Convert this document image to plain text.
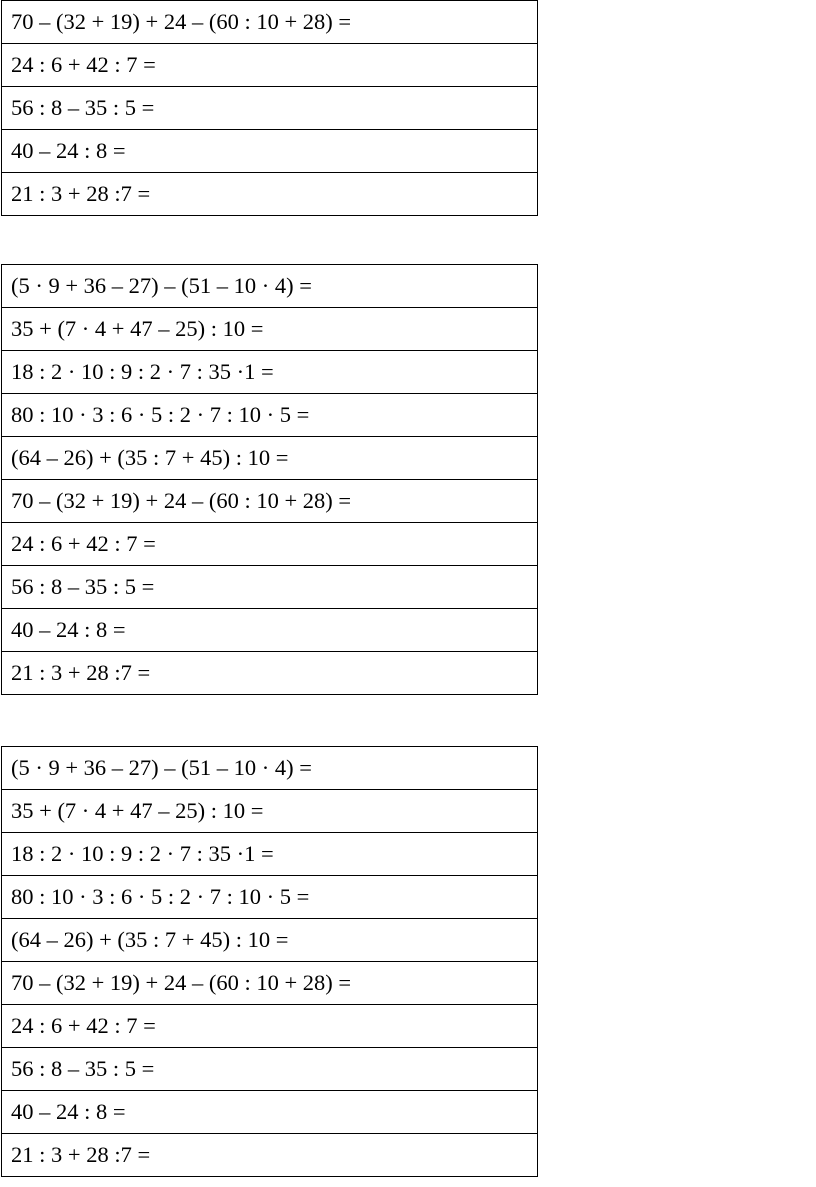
70 – (32 + 19) + 24 – (60 : 10 + 28) =
24 : 6 + 42 : 7 =
56 : 8 – 35 : 5 =
40 – 24 : 8 =
21 : 3 + 28 :7 =
(5 · 9 + 36 – 27) – (51 – 10 · 4) =
35 + (7 · 4 + 47 – 25) : 10 =
18 : 2 · 10 : 9 : 2 · 7 : 35 ·1 =
80 : 10 · 3 : 6 · 5 : 2 · 7 : 10 · 5 =
(64 – 26) + (35 : 7 + 45) : 10 =
70 – (32 + 19) + 24 – (60 : 10 + 28) =
24 : 6 + 42 : 7 =
56 : 8 – 35 : 5 =
40 – 24 : 8 =
21 : 3 + 28 :7 =
(5 · 9 + 36 – 27) – (51 – 10 · 4) =
35 + (7 · 4 + 47 – 25) : 10 =
18 : 2 · 10 : 9 : 2 · 7 : 35 ·1 =
80 : 10 · 3 : 6 · 5 : 2 · 7 : 10 · 5 =
(64 – 26) + (35 : 7 + 45) : 10 =
70 – (32 + 19) + 24 – (60 : 10 + 28) =
24 : 6 + 42 : 7 =
56 : 8 – 35 : 5 =
40 – 24 : 8 =
21 : 3 + 28 :7 =
